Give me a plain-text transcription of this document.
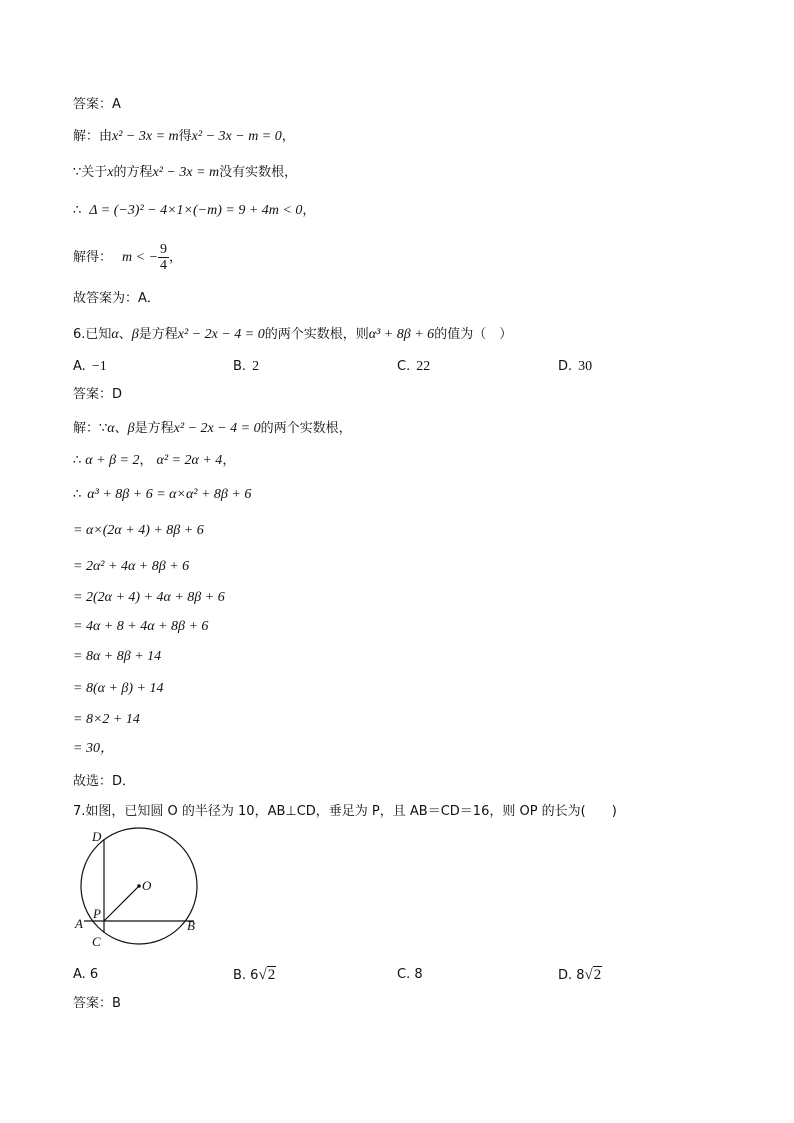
答案：A
解：由x² − 3x = m得x² − 3x − m = 0，
∵关于x的方程x² − 3x = m没有实数根，
∴ Δ = (−3)² − 4×1×(−m) = 9 + 4m < 0，
解得： m < − $\frac{9}{4}$ ，
故答案为：A．
6.已知α、β是方程x² − 2x − 4 = 0的两个实数根，则α³ + 8β + 6的值为（　）
A. −1	B. 2	C. 22	D. 30
答案：D
解：∵α、β是方程x² − 2x − 4 = 0的两个实数根，
∴ α + β = 2， α² = 2α + 4，
∴ α³ + 8β + 6 = α×α² + 8β + 6
= α×(2α + 4) + 8β + 6
= 2α² + 4α + 8β + 6
= 2(2α + 4) + 4α + 8β + 6
= 4α + 8 + 4α + 8β + 6
= 8α + 8β + 14
= 8(α + β) + 14
= 8×2 + 14
= 30，
故选：D．
7.如图，已知圆 O 的半径为 10，AB⊥CD，垂足为 P，且 AB＝CD＝16，则 OP 的长为(　　)
D
O
P
A	B
C
A. 6	B. 6√2	C. 8	D. 8√2
答案：B
